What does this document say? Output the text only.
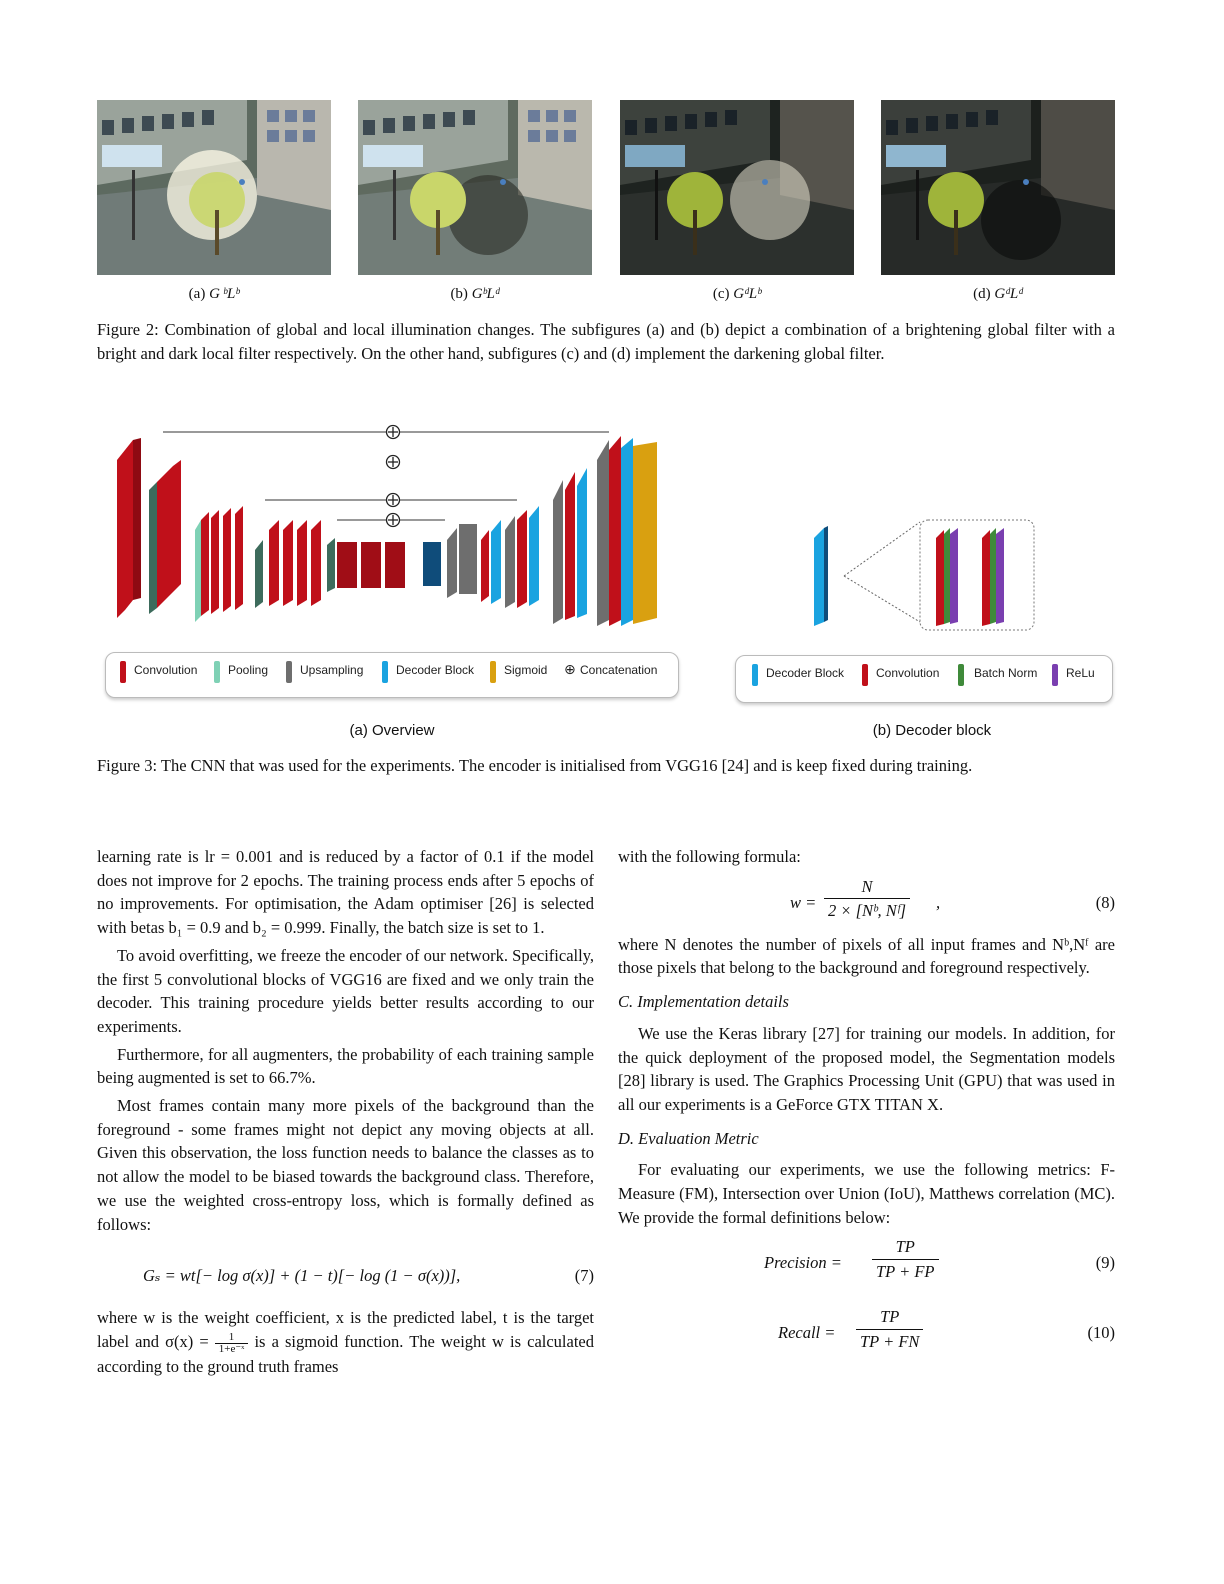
(a) G ᵇLᵇ	(b) GᵇLᵈ	(c) GᵈLᵇ	(d) GᵈLᵈ
Figure 2: Combination of global and local illumination changes. The subfigures (a) and (b) depict a combination of a brightening global filter with a bright and dark local filter respectively. On the other hand, subfigures (c) and (d) implement the darkening global filter.
Convolution	Pooling	Upsampling	Decoder Block Sigmoid ⊕ Concatenation	Decoder Block	Convolution	Batch Norm ReLu
(a) Overview	(b) Decoder block
Figure 3: The CNN that was used for the experiments. The encoder is initialised from VGG16 [24] and is keep fixed during training.

learning rate is lr = 0.001 and is reduced by a factor of 0.1 if the model does not improve for 2 epochs. The training process ends after 5 epochs of no improvements. For optimisation, the Adam optimiser [26] is selected with betas b₁ = 0.9 and b₂ = 0.999. Finally, the batch size is set to 1.

To avoid overfitting, we freeze the encoder of our network. Specifically, the first 5 convolutional blocks of VGG16 are fixed and we only train the decoder. This training procedure yields better results according to our experiments.

Furthermore, for all augmenters, the probability of each training sample being augmented is set to 66.7%.

Most frames contain many more pixels of the background than the foreground - some frames might not depict any moving objects at all. Given this observation, the loss function needs to balance the classes as to not allow the model to be biased towards the background class. Therefore, we use the weighted cross-entropy loss, which is formally defined as follows:

Gₛ = wt[− log σ(x)] + (1 − t)[− log (1 − σ(x))],	(7)

where w is the weight coefficient, x is the predicted label, t is the target label and $\sigma(x) = \frac{1}{\text{1+e⁻ˣ}}$ is a sigmoid function. The weight w is calculated according to the ground truth frames

with the following formula:

$w = \frac{N}{\text{2 × [Nᵇ, Nᶠ]}}$ ,	(8)

where N denotes the number of pixels of all input frames and Nᵇ,Nᶠ are those pixels that belong to the background and foreground respectively.

C. Implementation details

We use the Keras library [27] for training our models. In addition, for the quick deployment of the proposed model, the Segmentation models [28] library is used. The Graphics Processing Unit (GPU) that was used in all our experiments is a GeForce GTX TITAN X.

D. Evaluation Metric

For evaluating our experiments, we use the following metrics: F-Measure (FM), Intersection over Union (IoU), Matthews correlation (MC). We provide the formal definitions below:

Precision = $\frac{TP}{TP + FP}$	(9)
Recall = $\frac{TP}{TP + FN}$	(10)
